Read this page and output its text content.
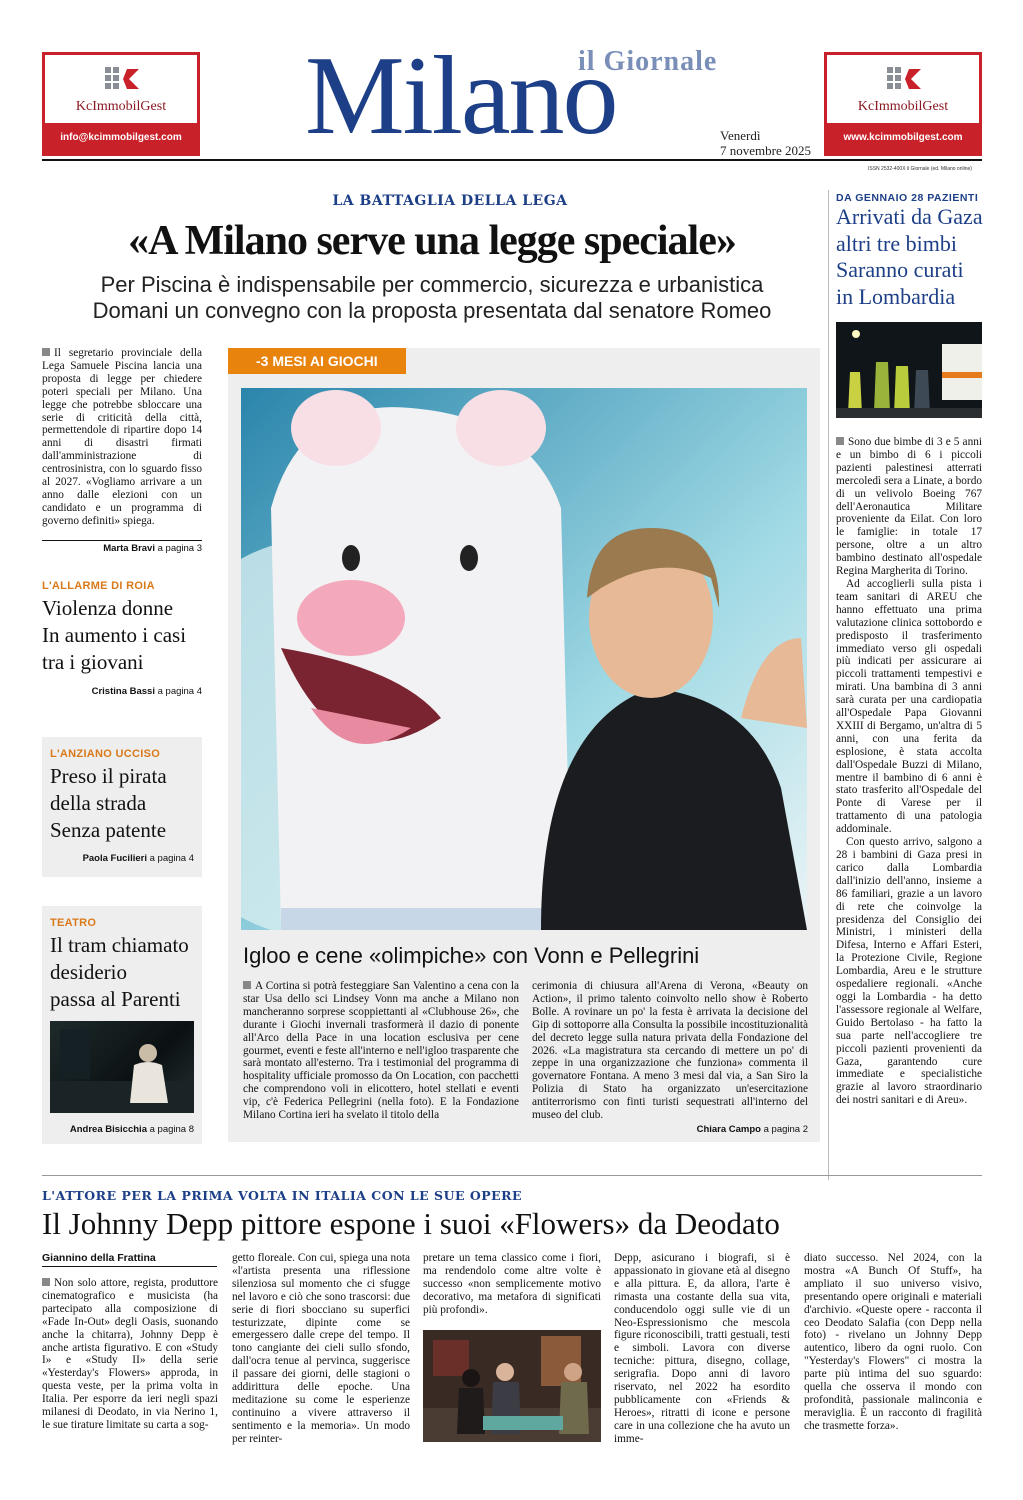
KcImmobilGest
info@kcimmobilgest.com
KcImmobilGest
www.kcimmobilgest.com
il Giornale
Milano	Venerdì
7 novembre 2025
ISSN 2532-400X il Giornale (ed. Milano online)
LA BATTAGLIA DELLA LEGA
«A Milano serve una legge speciale»
Per Piscina è indispensabile per commercio, sicurezza e urbanistica
Domani un convegno con la proposta presentata dal senatore Romeo
Il segretario provinciale della Lega Samuele Piscina lancia una proposta di legge per chiedere poteri speciali per Milano. Una legge che potrebbe sbloccare una serie di criticità della città, permettendole di ripartire dopo 14 anni di disastri firmati dall'amministrazione di centrosinistra, con lo sguardo fisso al 2027. «Vogliamo arrivare a un anno dalle elezioni con un candidato e un programma di governo definiti» spiega.
Marta Bravi a pagina 3
L'ALLARME DI ROIA
Violenza donne
In aumento i casi
tra i giovani
Cristina Bassi a pagina 4
L'ANZIANO UCCISO
Preso il pirata
della strada
Senza patente
Paola Fucilieri a pagina 4
TEATRO
Il tram chiamato
desiderio
passa al Parenti
Andrea Bisicchia a pagina 8
-3 MESI AI GIOCHI
Igloo e cene «olimpiche» con Vonn e Pellegrini
A Cortina si potrà festeggiare San Valentino a cena con la star Usa dello sci Lindsey Vonn ma anche a Milano non mancheranno sorprese scoppiettanti al «Clubhouse 26», che durante i Giochi invernali trasformerà il dazio di ponente all'Arco della Pace in una location esclusiva per cene gourmet, eventi e feste all'interno e nell'igloo trasparente che sarà montato all'esterno. Tra i testimonial del programma di hospitality ufficiale promosso da On Location, con pacchetti che comprendono voli in elicottero, hotel stellati e eventi vip, c'è Federica Pellegrini (nella foto). E la Fondazione Milano Cortina ieri ha svelato il titolo della
cerimonia di chiusura all'Arena di Verona, «Beauty on Action», il primo talento coinvolto nello show è Roberto Bolle. A rovinare un po' la festa è arrivata la decisione del Gip di sottoporre alla Consulta la possibile incostituzionalità del decreto legge sulla natura privata della Fondazione del 2026. «La magistratura sta cercando di mettere un po' di zeppe in una organizzazione che funziona» commenta il governatore Fontana. A meno 3 mesi dal via, a San Siro la Polizia di Stato ha organizzato un'esercitazione antiterrorismo con finti turisti sequestrati all'interno del museo del club.
Chiara Campo a pagina 2
DA GENNAIO 28 PAZIENTI
Arrivati da Gaza
altri tre bimbi
Saranno curati
in Lombardia
Sono due bimbe di 3 e 5 anni e un bimbo di 6 i piccoli pazienti palestinesi atterrati mercoledì sera a Linate, a bordo di un velivolo Boeing 767 dell'Aeronautica Militare proveniente da Eilat. Con loro le famiglie: in totale 17 persone, oltre a un altro bambino destinato all'ospedale Regina Margherita di Torino.
Ad accoglierli sulla pista i team sanitari di AREU che hanno effettuato una prima valutazione clinica sottobordo e predisposto il trasferimento immediato verso gli ospedali più indicati per assicurare ai piccoli trattamenti tempestivi e mirati. Una bambina di 3 anni sarà curata per una cardiopatia all'Ospedale Papa Giovanni XXIII di Bergamo, un'altra di 5 anni, con una ferita da esplosione, è stata accolta dall'Ospedale Buzzi di Milano, mentre il bambino di 6 anni è stato trasferito all'Ospedale del Ponte di Varese per il trattamento di una patologia addominale.
Con questo arrivo, salgono a 28 i bambini di Gaza presi in carico dalla Lombardia dall'inizio dell'anno, insieme a 86 familiari, grazie a un lavoro di rete che coinvolge la presidenza del Consiglio dei Ministri, i ministeri della Difesa, Interno e Affari Esteri, la Protezione Civile, Regione Lombardia, Areu e le strutture ospedaliere regionali. «Anche oggi la Lombardia - ha detto l'assessore regionale al Welfare, Guido Bertolaso - ha fatto la sua parte nell'accogliere tre piccoli pazienti provenienti da Gaza, garantendo cure immediate e specialistiche grazie al lavoro straordinario dei nostri sanitari e di Areu».
L'ATTORE PER LA PRIMA VOLTA IN ITALIA CON LE SUE OPERE
Il Johnny Depp pittore espone i suoi «Flowers» da Deodato
Giannino della Frattina
Non solo attore, regista, produttore cinematografico e musicista (ha partecipato alla composizione di «Fade In-Out» degli Oasis, suonando anche la chitarra), Johnny Depp è anche artista figurativo. E con «Study I» e «Study II» della serie «Yesterday's Flowers» approda, in questa veste, per la prima volta in Italia. Per esporre da ieri negli spazi milanesi di Deodato, in via Nerino 1, le sue tirature limitate su carta a sog-
getto floreale. Con cui, spiega una nota «l'artista presenta una riflessione silenziosa sul momento che ci sfugge nel lavoro e ciò che sono trascorsi: due serie di fiori sbocciano su superfici testurizzate, dipinte come se emergessero dalle crepe del tempo. Il tono cangiante dei cieli sullo sfondo, dall'ocra tenue al pervinca, suggerisce il passare dei giorni, delle stagioni o addirittura delle epoche. Una meditazione su come le esperienze continuino a vivere attraverso il sentimento e la memoria». Un modo per reinter-
pretare un tema classico come i fiori, ma rendendolo come altre volte è successo «non semplicemente motivo decorativo, ma metafora di significati più profondi».
Depp, asicurano i biografi, si è appassionato in giovane età al disegno e alla pittura. E, da allora, l'arte è rimasta una costante della sua vita, conducendolo oggi sulle vie di un Neo-Espressionismo che mescola figure riconoscibili, tratti gestuali, testi e simboli. Lavora con diverse tecniche: pittura, disegno, collage, serigrafia. Dopo anni di lavoro riservato, nel 2022 ha esordito pubblicamente con «Friends & Heroes», ritratti di icone e persone care in una collezione che ha avuto un imme-
diato successo. Nel 2024, con la mostra «A Bunch Of Stuff», ha ampliato il suo universo visivo, presentando opere originali e materiali d'archivio. «Queste opere - racconta il ceo Deodato Salafia (con Depp nella foto) - rivelano un Johnny Depp autentico, libero da ogni ruolo. Con "Yesterday's Flowers" ci mostra la parte più intima del suo sguardo: quella che osserva il mondo con profondità, passionale malinconia e meraviglia. È un racconto di fragilità che trasmette forza».
